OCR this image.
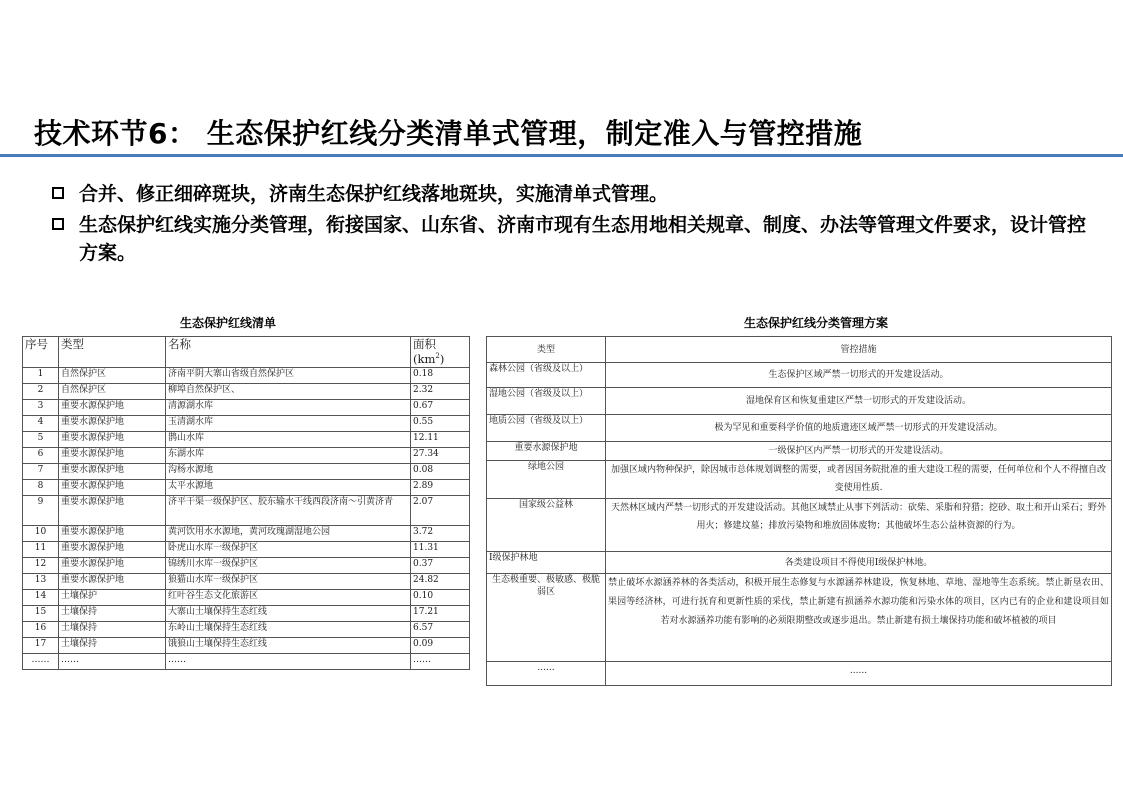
技术环节6： 生态保护红线分类清单式管理，制定准入与管控措施
合并、修正细碎斑块，济南生态保护红线落地斑块，实施清单式管理。
生态保护红线实施分类管理，衔接国家、山东省、济南市现有生态用地相关规章、制度、办法等管理文件要求，设计管控方案。
生态保护红线清单	生态保护红线分类管理方案
序号	类型	名称	面积$(km^2)$
1	自然保护区	济南平阴大寨山省级自然保护区	0.18
2	自然保护区	柳埠自然保护区、	2.32
3	重要水源保护地	清源湖水库	0.67
4	重要水源保护地	玉清湖水库	0.55
5	重要水源保护地	鹊山水库	12.11
6	重要水源保护地	东湖水库	27.34
7	重要水源保护地	沟杨水源地	0.08
8	重要水源保护地	太平水源地	2.89
9	重要水源保护地	济平干渠一级保护区、胶东输水干线西段济南～引黄济青	2.07
10	重要水源保护地	黄河饮用水水源地，黄河玫瑰湖湿地公园	3.72
11	重要水源保护地	卧虎山水库一级保护区	11.31
12	重要水源保护地	锦绣川水库一级保护区	0.37
13	重要水源保护地	狼猫山水库一级保护区	24.82
14	土壤保护	红叶谷生态文化旅游区	0.10
15	土壤保持	大寨山土壤保持生态红线	17.21
16	土壤保持	东岭山土壤保持生态红线	6.57
17	土壤保持	饿狼山土壤保持生态红线	0.09
……	……	……	……
类型	管控措施
森林公园（省级及以上）	生态保护区域严禁一切形式的开发建设活动。
湿地公园（省级及以上）	湿地保育区和恢复重建区严禁一切形式的开发建设活动。
地质公园（省级及以上）	极为罕见和重要科学价值的地质遗迹区域严禁一切形式的开发建设活动。
重要水源保护地	一级保护区内严禁一切形式的开发建设活动。
绿地公园	加强区域内物种保护，除因城市总体规划调整的需要，或者因国务院批准的重大建设工程的需要，任何单位和个人不得擅自改变使用性质.
国家级公益林	天然林区域内严禁一切形式的开发建设活动。其他区域禁止从事下列活动：砍柴、采脂和狩猎；挖砂、取土和开山采石；野外用火；修建坟墓；排放污染物和堆放固体废物；其他破坏生态公益林资源的行为。
I级保护林地	各类建设项目不得使用Ⅰ级保护林地。
生态极重要、极敏感、极脆弱区	禁止破坏水源涵养林的各类活动，积极开展生态修复与水源涵养林建设，恢复林地、草地、湿地等生态系统。禁止新垦农田、果园等经济林，可进行抚育和更新性质的采伐，禁止新建有损涵养水源功能和污染水体的项目，区内已有的企业和建设项目如若对水源涵养功能有影响的必须限期整改或逐步退出。禁止新建有损土壤保持功能和破坏植被的项目
......	......
